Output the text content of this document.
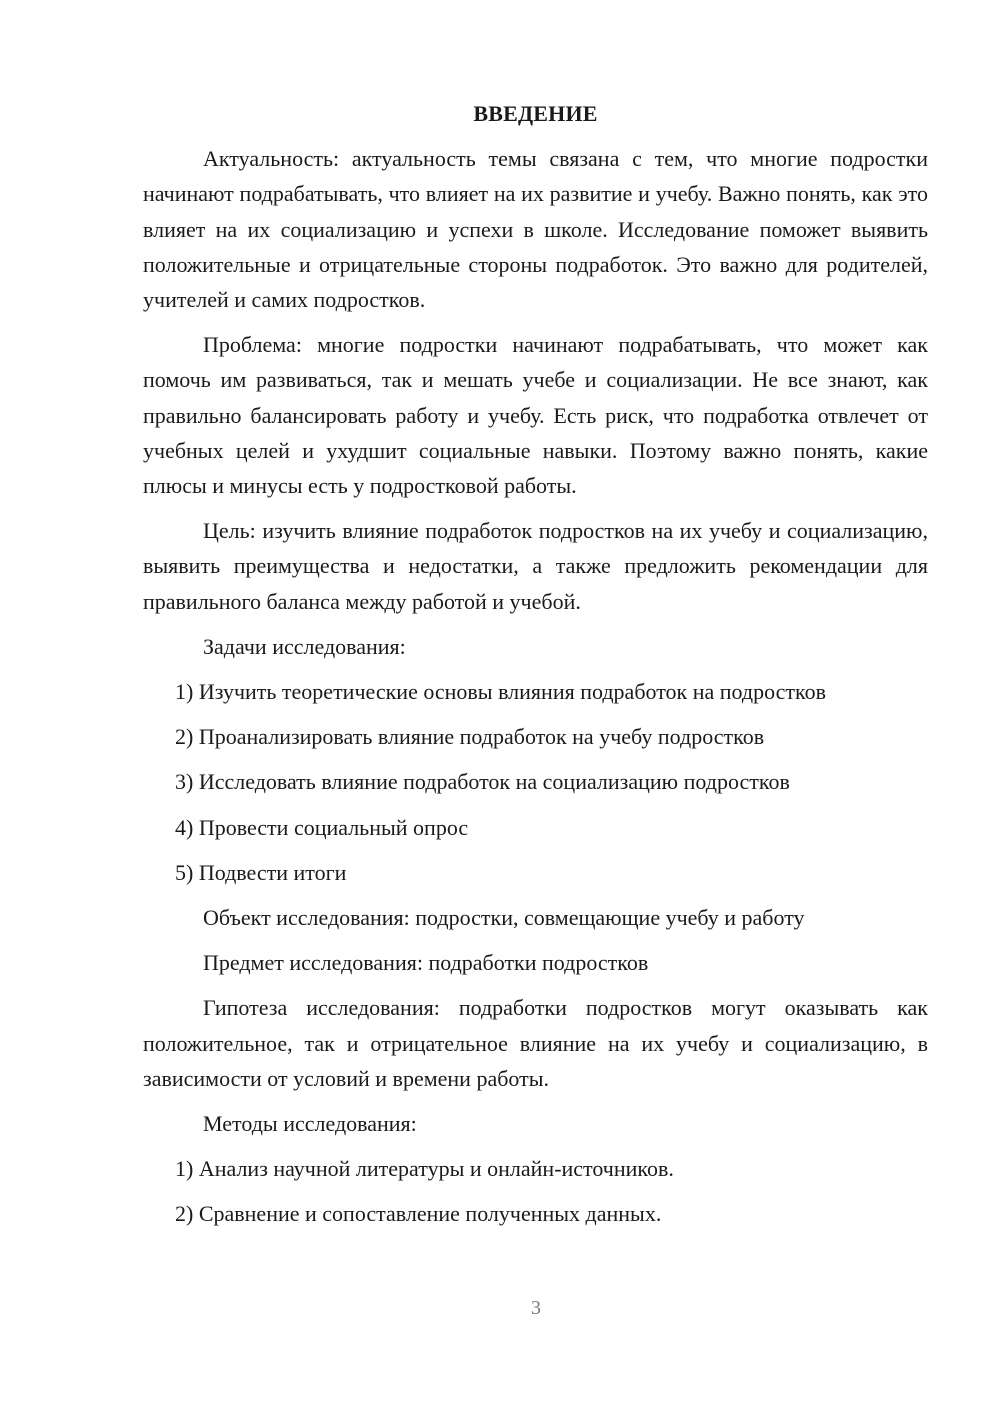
ВВЕДЕНИЕ

Актуальность: актуальность темы связана с тем, что многие подростки начинают подрабатывать, что влияет на их развитие и учебу. Важно понять, как это влияет на их социализацию и успехи в школе. Исследование поможет выявить положительные и отрицательные стороны подработок. Это важно для родителей, учителей и самих подростков.

Проблема: многие подростки начинают подрабатывать, что может как помочь им развиваться, так и мешать учебе и социализации. Не все знают, как правильно балансировать работу и учебу. Есть риск, что подработка отвлечет от учебных целей и ухудшит социальные навыки. Поэтому важно понять, какие плюсы и минусы есть у подростковой работы.

Цель: изучить влияние подработок подростков на их учебу и социализацию, выявить преимущества и недостатки, а также предложить рекомендации для правильного баланса между работой и учебой.

Задачи исследования:
1) Изучить теоретические основы влияния подработок на подростков
2) Проанализировать влияние подработок на учебу подростков
3) Исследовать влияние подработок на социализацию подростков
4) Провести социальный опрос
5) Подвести итоги
Объект исследования: подростки, совмещающие учебу и работу
Предмет исследования: подработки подростков

Гипотеза исследования: подработки подростков могут оказывать как положительное, так и отрицательное влияние на их учебу и социализацию, в зависимости от условий и времени работы.

Методы исследования:
1) Анализ научной литературы и онлайн-источников.
2) Сравнение и сопоставление полученных данных.
3
